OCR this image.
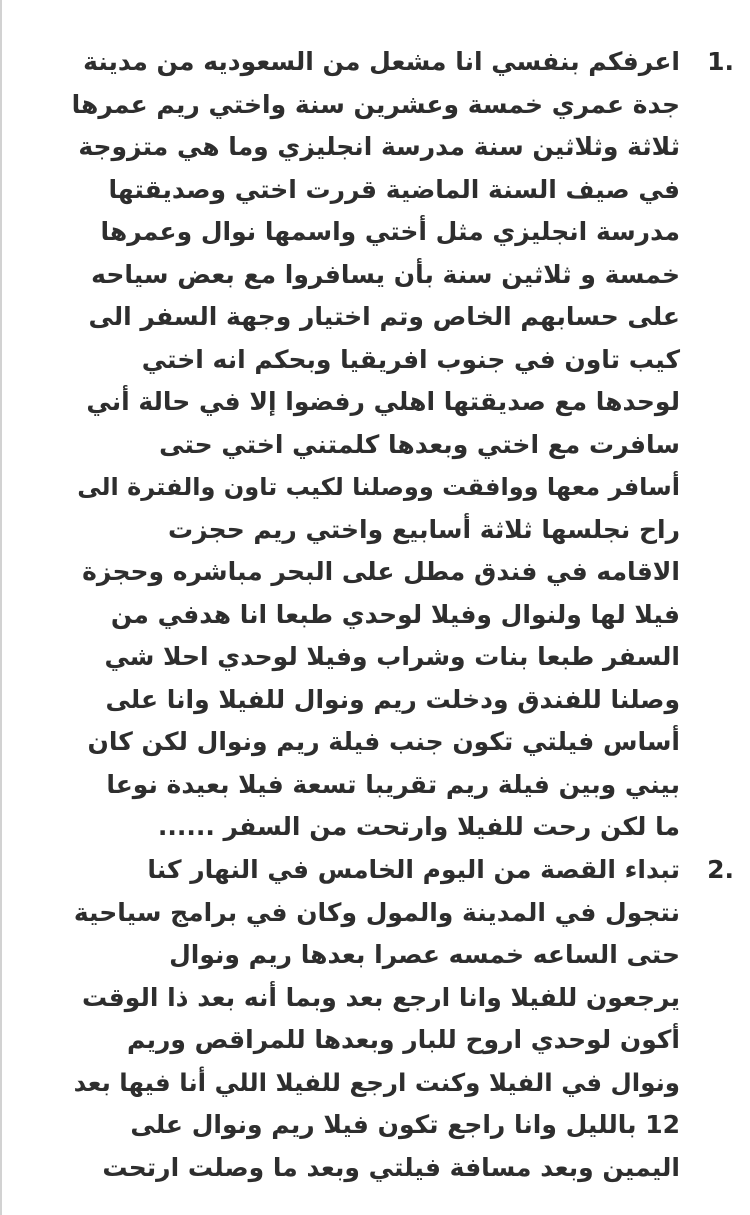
1.
اعرفكم بنفسي انا مشعل من السعوديه من مدينة
جدة عمري خمسة وعشرين سنة واختي ريم عمرها
ثلاثة وثلاثين سنة مدرسة انجليزي وما هي متزوجة
في صيف السنة الماضية قررت اختي وصديقتها
مدرسة انجليزي مثل أختي واسمها نوال وعمرها
خمسة و ثلاثين سنة بأن يسافروا مع بعض سياحه
على حسابهم الخاص وتم اختيار وجهة السفر الى
كيب تاون في جنوب افريقيا وبحكم انه اختي
لوحدها مع صديقتها اهلي رفضوا إلا في حالة أني
سافرت مع اختي وبعدها كلمتني اختي حتى
أسافر معها ووافقت ووصلنا لكيب تاون والفترة الى
راح نجلسها ثلاثة أسابيع واختي ريم حجزت
الاقامه في فندق مطل على البحر مباشره وحجزة
فيلا لها ولنوال وفيلا لوحدي طبعا انا هدفي من
السفر طبعا بنات وشراب وفيلا لوحدي احلا شي
وصلنا للفندق ودخلت ريم ونوال للفيلا وانا على
أساس فيلتي تكون جنب فيلة ريم ونوال لكن كان
بيني وبين فيلة ريم تقريبا تسعة فيلا بعيدة نوعا
ما لكن رحت للفيلا وارتحت من السفر ......
2.
تبداء القصة من اليوم الخامس في النهار كنا
نتجول في المدينة والمول وكان في برامج سياحية
حتى الساعه خمسه عصرا بعدها ريم ونوال
يرجعون للفيلا وانا ارجع بعد وبما أنه بعد ذا الوقت
أكون لوحدي اروح للبار وبعدها للمراقص وريم
ونوال في الفيلا وكنت ارجع للفيلا اللي أنا فيها بعد
12 بالليل وانا راجع تكون فيلا ريم ونوال على
اليمين وبعد مسافة فيلتي وبعد ما وصلت ارتحت
